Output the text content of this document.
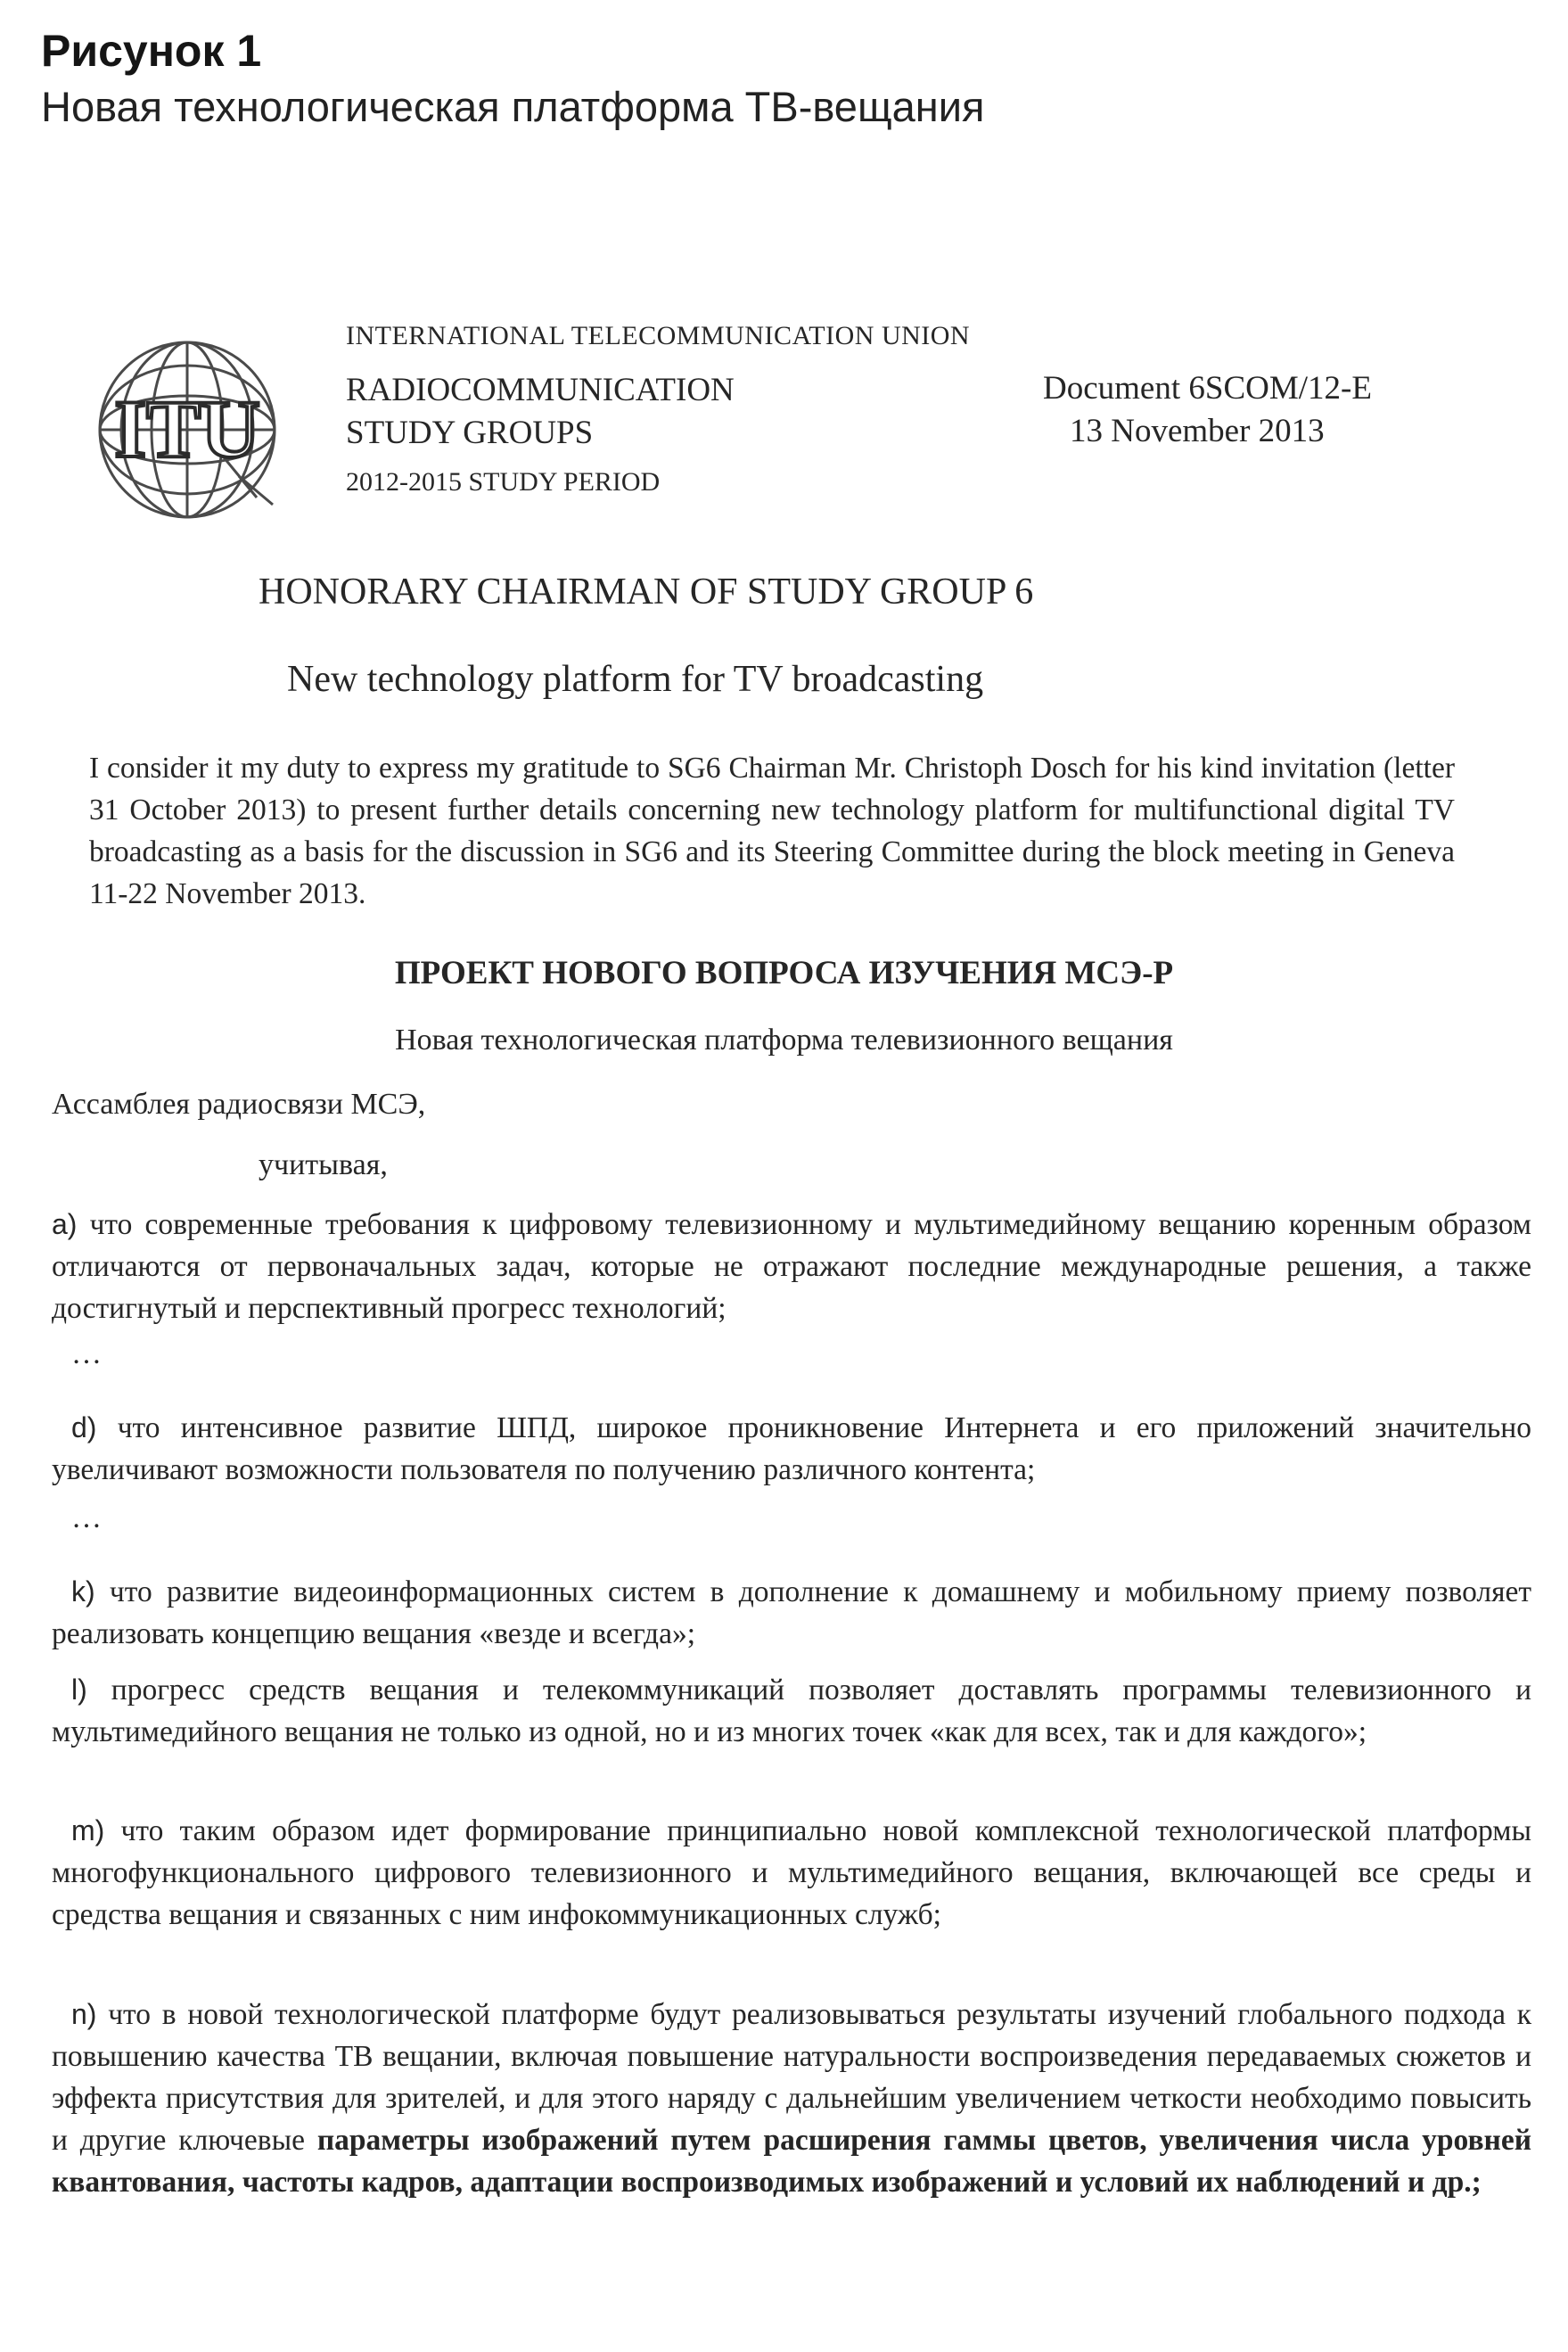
Рисунок 1
Новая технологическая платформа ТВ-вещания
ITU
INTERNATIONAL TELECOMMUNICATION UNION
RADIOCOMMUNICATION
STUDY GROUPS
2012-2015 STUDY PERIOD
Document 6SCOM/12-E
13 November 2013
HONORARY CHAIRMAN OF STUDY GROUP 6
New technology platform for TV broadcasting

I consider it my duty to express my gratitude to SG6 Chairman Mr. Christoph Dosch for his kind invitation (letter 31 October 2013) to present further details concerning new technology platform for multifunctional digital TV broadcasting as a basis for the discussion in SG6 and its Steering Committee during the block meeting in Geneva 11-22 November 2013.

ПРОЕКТ НОВОГО ВОПРОСА ИЗУЧЕНИЯ МСЭ-Р
Новая технологическая платформа телевизионного вещания
Ассамблея радиосвязи МСЭ,
учитывая,

а) что современные требования к цифровому телевизионному и мультимедийному вещанию коренным образом отличаются от первоначальных задач, которые не отражают последние международные решения, а также достигнутый и перспективный прогресс технологий;

…

d) что интенсивное развитие ШПД, широкое проникновение Интернета и его приложений значительно увеличивают возможности пользователя по получению различного контента;

…

k) что развитие видеоинформационных систем в дополнение к домашнему и мобильному приему позволяет реализовать концепцию вещания «везде и всегда»;

l) прогресс средств вещания и телекоммуникаций позволяет доставлять программы телевизионного и мультимедийного вещания не только из одной, но и из многих точек «как для всех, так и для каждого»;

m) что таким образом идет формирование принципиально новой комплексной технологической платформы многофункционального цифрового телевизионного и мультимедийного вещания, включающей все среды и средства вещания и связанных с ним инфокоммуникационных служб;

n) что в новой технологической платформе будут реализовываться результаты изучений глобального подхода к повышению качества ТВ вещании, включая повышение натуральности воспроизведения передаваемых сюжетов и эффекта присутствия для зрителей, и для этого наряду с дальнейшим увеличением четкости необходимо повысить и другие ключевые параметры изображений путем расширения гаммы цветов, увеличения числа уровней квантования, частоты кадров, адаптации воспроизводимых изображений и условий их наблюдений и др.;
